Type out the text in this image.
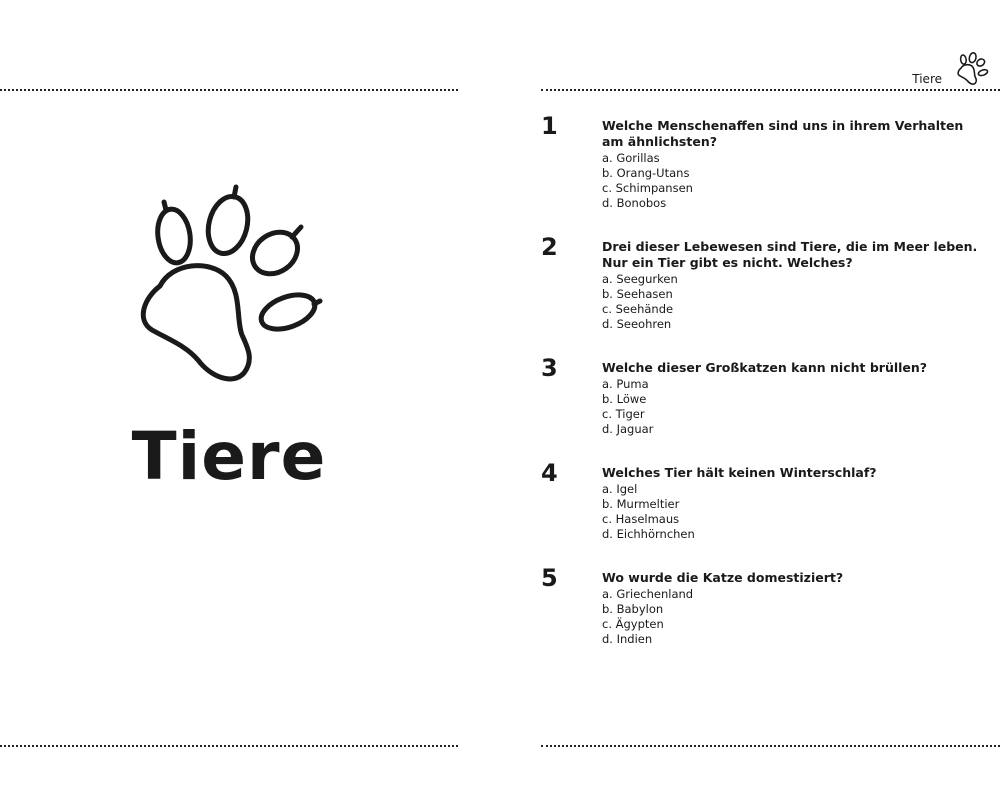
Tiere
Tiere
1	Welche Menschenaffen sind uns in ihrem Verhalten am ähnlichsten?

a. Gorillas
b. Orang-Utans
c. Schimpansen
d. Bonobos
2	Drei dieser Lebewesen sind Tiere, die im Meer leben. Nur ein Tier gibt es nicht. Welches?

a. Seegurken
b. Seehasen
c. Seehände
d. Seeohren
3	Welche dieser Großkatzen kann nicht brüllen?

a. Puma
b. Löwe
c. Tiger
d. Jaguar
4	Welches Tier hält keinen Winterschlaf?

a. Igel
b. Murmeltier
c. Haselmaus
d. Eichhörnchen
5	Wo wurde die Katze domestiziert?

a. Griechenland
b. Babylon
c. Ägypten
d. Indien
